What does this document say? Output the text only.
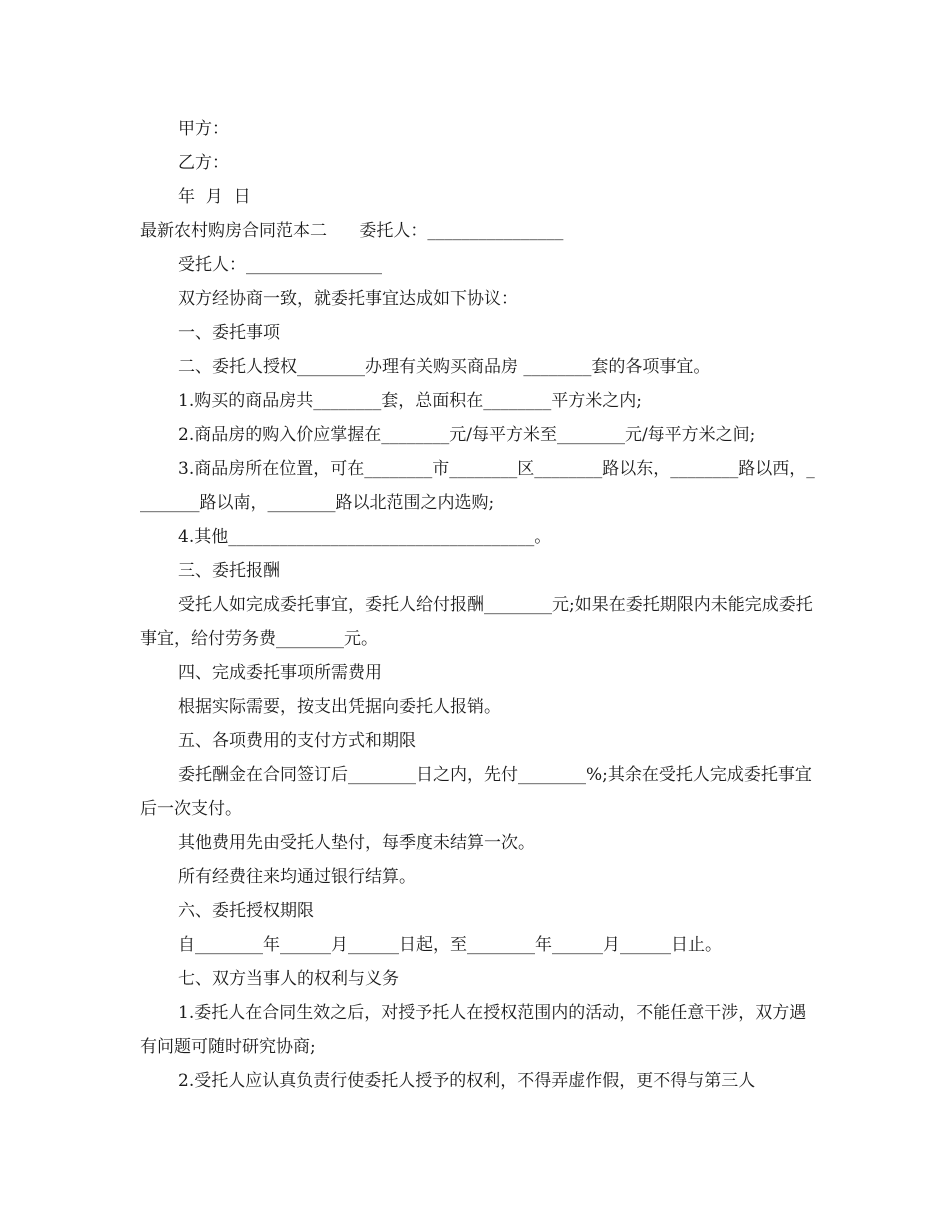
甲方：
乙方：
年  月  日
最新农村购房合同范本二      委托人：________________
受托人：________________
双方经协商一致，就委托事宜达成如下协议：
一、委托事项
二、委托人授权________办理有关购买商品房 ________套的各项事宜。
1.购买的商品房共________套，总面积在________平方米之内;
2.商品房的购入价应掌握在________元/每平方米至________元/每平方米之间;
3.商品房所在位置，可在________市________区________路以东，________路以西，________路以南，________路以北范围之内选购;
4.其他____________________________________。
三、委托报酬
受托人如完成委托事宜，委托人给付报酬________元;如果在委托期限内未能完成委托事宜，给付劳务费________元。
四、完成委托事项所需费用
根据实际需要，按支出凭据向委托人报销。
五、各项费用的支付方式和期限
委托酬金在合同签订后________日之内，先付________%;其余在受托人完成委托事宜后一次支付。
其他费用先由受托人垫付，每季度未结算一次。
所有经费往来均通过银行结算。
六、委托授权期限
自________年______月______日起，至________年______月______日止。
七、双方当事人的权利与义务
1.委托人在合同生效之后，对授予托人在授权范围内的活动，不能任意干涉，双方遇有问题可随时研究协商;
2.受托人应认真负责行使委托人授予的权利，不得弄虚作假，更不得与第三人
